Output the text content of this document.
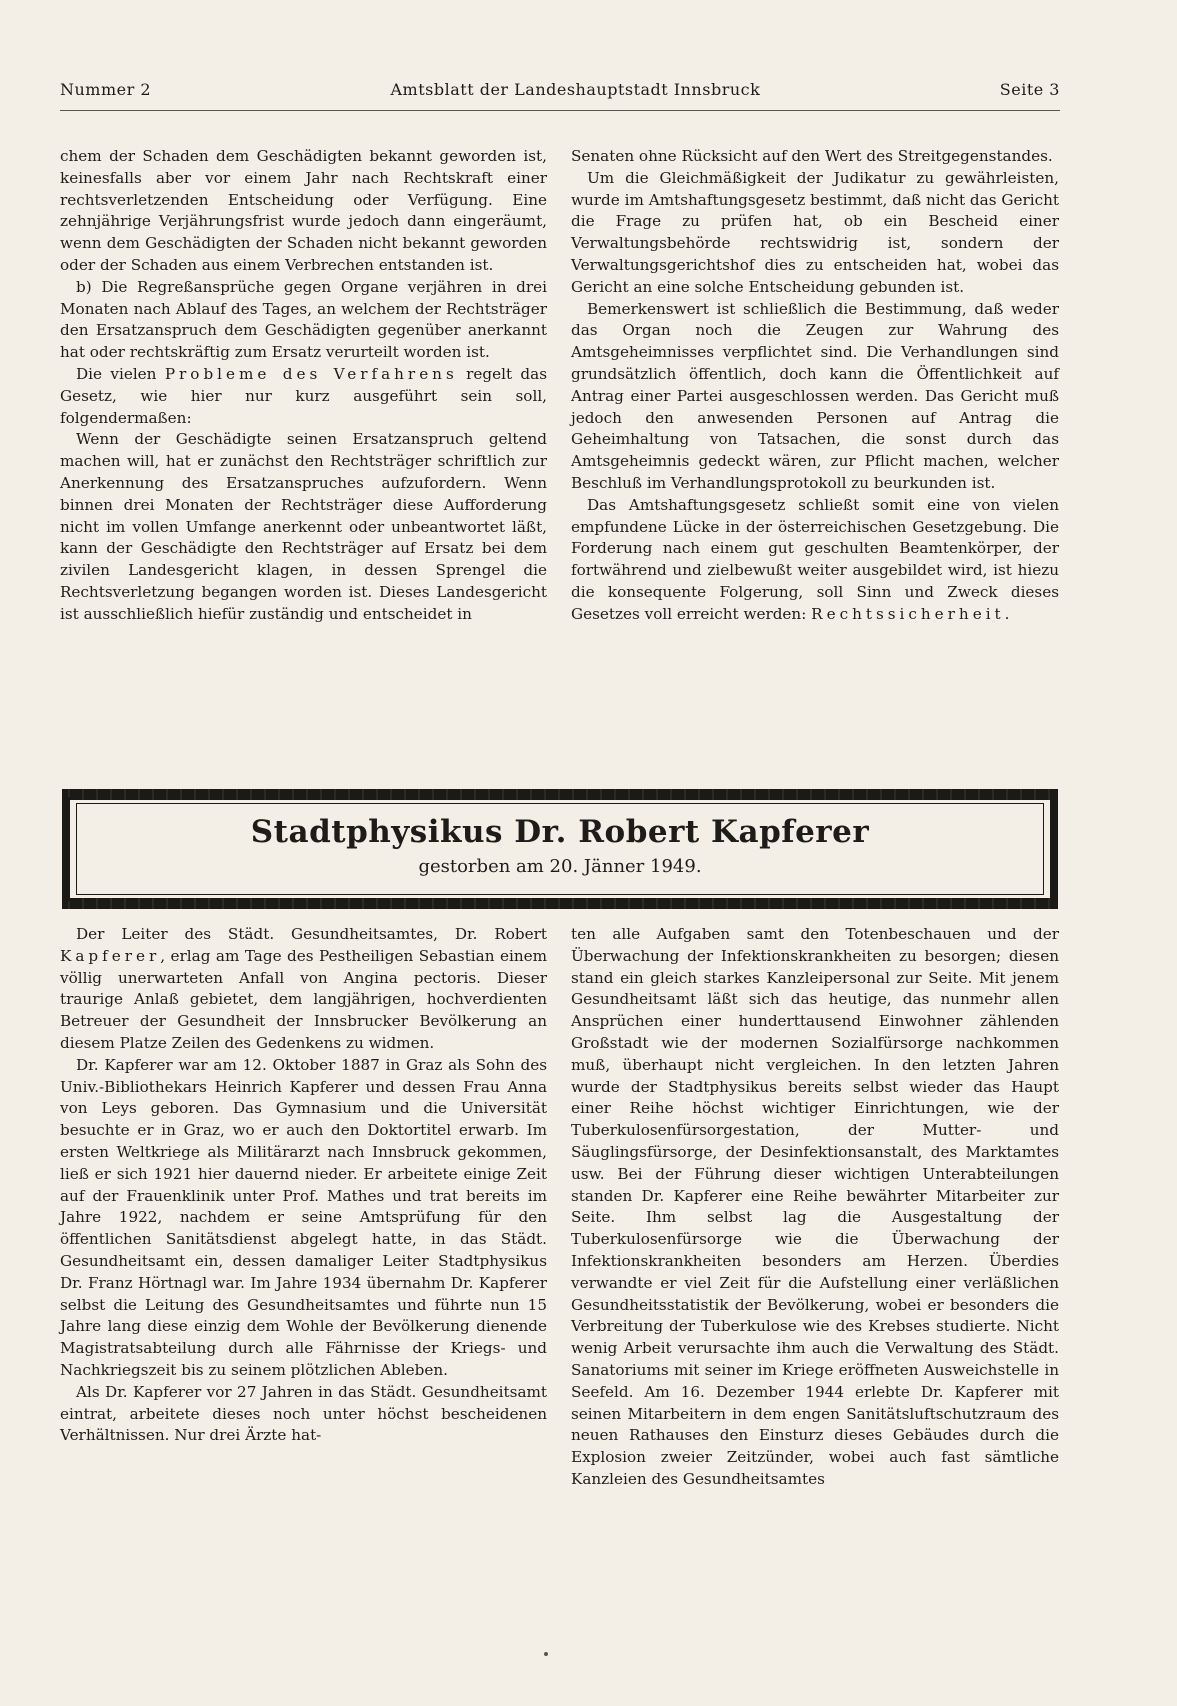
Nummer 2	Amtsblatt der Landeshauptstadt Innsbruck	Seite 3

chem der Schaden dem Geschädigten bekannt geworden ist, keinesfalls aber vor einem Jahr nach Rechtskraft einer rechtsverletzenden Entscheidung oder Verfügung. Eine zehnjährige Verjährungsfrist wurde jedoch dann eingeräumt, wenn dem Geschädigten der Schaden nicht bekannt geworden oder der Schaden aus einem Verbrechen entstanden ist.

b) Die Regreßansprüche gegen Organe verjähren in drei Monaten nach Ablauf des Tages, an welchem der Rechtsträger den Ersatzanspruch dem Geschädigten gegenüber anerkannt hat oder rechtskräftig zum Ersatz verurteilt worden ist.

Die vielen Probleme des Verfahrens regelt das Gesetz, wie hier nur kurz ausgeführt sein soll, folgendermaßen:

Wenn der Geschädigte seinen Ersatzanspruch geltend machen will, hat er zunächst den Rechtsträger schriftlich zur Anerkennung des Ersatzanspruches aufzufordern. Wenn binnen drei Monaten der Rechtsträger diese Aufforderung nicht im vollen Umfange anerkennt oder unbeantwortet läßt, kann der Geschädigte den Rechtsträger auf Ersatz bei dem zivilen Landesgericht klagen, in dessen Sprengel die Rechtsverletzung begangen worden ist. Dieses Landesgericht ist ausschließlich hiefür zuständig und entscheidet in

Senaten ohne Rücksicht auf den Wert des Streitgegenstandes.

Um die Gleichmäßigkeit der Judikatur zu gewährleisten, wurde im Amtshaftungsgesetz bestimmt, daß nicht das Gericht die Frage zu prüfen hat, ob ein Bescheid einer Verwaltungsbehörde rechtswidrig ist, sondern der Verwaltungsgerichtshof dies zu entscheiden hat, wobei das Gericht an eine solche Entscheidung gebunden ist.

Bemerkenswert ist schließlich die Bestimmung, daß weder das Organ noch die Zeugen zur Wahrung des Amtsgeheimnisses verpflichtet sind. Die Verhandlungen sind grundsätzlich öffentlich, doch kann die Öffentlichkeit auf Antrag einer Partei ausgeschlossen werden. Das Gericht muß jedoch den anwesenden Personen auf Antrag die Geheimhaltung von Tatsachen, die sonst durch das Amtsgeheimnis gedeckt wären, zur Pflicht machen, welcher Beschluß im Verhandlungsprotokoll zu beurkunden ist.

Das Amtshaftungsgesetz schließt somit eine von vielen empfundene Lücke in der österreichischen Gesetzgebung. Die Forderung nach einem gut geschulten Beamtenkörper, der fortwährend und zielbewußt weiter ausgebildet wird, ist hiezu die konsequente Folgerung, soll Sinn und Zweck dieses Gesetzes voll erreicht werden: Rechtssicherheit.

Stadtphysikus Dr. Robert Kapferer
gestorben am 20. Jänner 1949.

Der Leiter des Städt. Gesundheitsamtes, Dr. Robert Kapferer, erlag am Tage des Pestheiligen Sebastian einem völlig unerwarteten Anfall von Angina pectoris. Dieser traurige Anlaß gebietet, dem langjährigen, hochverdienten Betreuer der Gesundheit der Innsbrucker Bevölkerung an diesem Platze Zeilen des Gedenkens zu widmen.

Dr. Kapferer war am 12. Oktober 1887 in Graz als Sohn des Univ.-Bibliothekars Heinrich Kapferer und dessen Frau Anna von Leys geboren. Das Gymnasium und die Universität besuchte er in Graz, wo er auch den Doktortitel erwarb. Im ersten Weltkriege als Militärarzt nach Innsbruck gekommen, ließ er sich 1921 hier dauernd nieder. Er arbeitete einige Zeit auf der Frauenklinik unter Prof. Mathes und trat bereits im Jahre 1922, nachdem er seine Amtsprüfung für den öffentlichen Sanitätsdienst abgelegt hatte, in das Städt. Gesundheitsamt ein, dessen damaliger Leiter Stadtphysikus Dr. Franz Hörtnagl war. Im Jahre 1934 übernahm Dr. Kapferer selbst die Leitung des Gesundheitsamtes und führte nun 15 Jahre lang diese einzig dem Wohle der Bevölkerung dienende Magistratsabteilung durch alle Fährnisse der Kriegs- und Nachkriegszeit bis zu seinem plötzlichen Ableben.

Als Dr. Kapferer vor 27 Jahren in das Städt. Gesundheitsamt eintrat, arbeitete dieses noch unter höchst bescheidenen Verhältnissen. Nur drei Ärzte hat-

ten alle Aufgaben samt den Totenbeschauen und der Überwachung der Infektionskrankheiten zu besorgen; diesen stand ein gleich starkes Kanzleipersonal zur Seite. Mit jenem Gesundheitsamt läßt sich das heutige, das nunmehr allen Ansprüchen einer hunderttausend Einwohner zählenden Großstadt wie der modernen Sozialfürsorge nachkommen muß, überhaupt nicht vergleichen. In den letzten Jahren wurde der Stadtphysikus bereits selbst wieder das Haupt einer Reihe höchst wichtiger Einrichtungen, wie der Tuberkulosenfürsorgestation, der Mutter- und Säuglingsfürsorge, der Desinfektionsanstalt, des Marktamtes usw. Bei der Führung dieser wichtigen Unterabteilungen standen Dr. Kapferer eine Reihe bewährter Mitarbeiter zur Seite. Ihm selbst lag die Ausgestaltung der Tuberkulosenfürsorge wie die Überwachung der Infektionskrankheiten besonders am Herzen. Überdies verwandte er viel Zeit für die Aufstellung einer verläßlichen Gesundheitsstatistik der Bevölkerung, wobei er besonders die Verbreitung der Tuberkulose wie des Krebses studierte. Nicht wenig Arbeit verursachte ihm auch die Verwaltung des Städt. Sanatoriums mit seiner im Kriege eröffneten Ausweichstelle in Seefeld. Am 16. Dezember 1944 erlebte Dr. Kapferer mit seinen Mitarbeitern in dem engen Sanitätsluftschutzraum des neuen Rathauses den Einsturz dieses Gebäudes durch die Explosion zweier Zeitzünder, wobei auch fast sämtliche Kanzleien des Gesundheitsamtes
